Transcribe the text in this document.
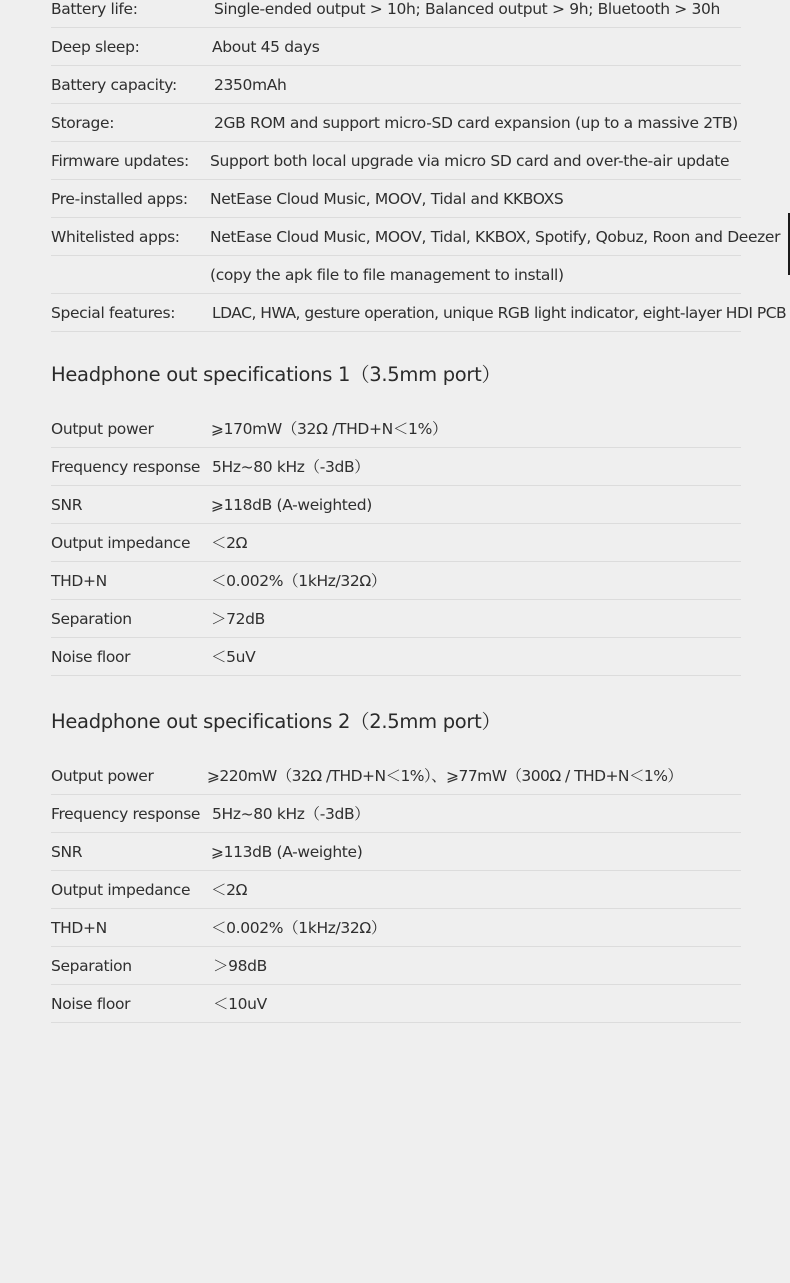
Battery life:	Single-ended output > 10h; Balanced output > 9h; Bluetooth > 30h
Deep sleep:	About 45 days
Battery capacity: 2350mAh
Storage:	2GB ROM and support micro-SD card expansion (up to a massive 2TB)
Firmware updates: Support both local upgrade via micro SD card and over-the-air update
Pre-installed apps: NetEase Cloud Music, MOOV, Tidal and KKBOXS
Whitelisted apps: NetEase Cloud Music, MOOV, Tidal, KKBOX, Spotify, Qobuz, Roon and Deezer
(copy the apk file to file management to install)
Special features: LDAC, HWA, gesture operation, unique RGB light indicator, eight-layer HDI PCB
Headphone out specifications 1（3.5mm port）
Output power	⩾170mW（32Ω /THD+N＜1%）
Frequency response 5Hz~80 kHz（-3dB）
SNR	⩾118dB (A-weighted)
Output impedance ＜2Ω
THD+N	＜0.002%（1kHz/32Ω）
Separation	＞72dB
Noise floor	＜5uV
Headphone out specifications 2（2.5mm port）
Output power	⩾220mW（32Ω /THD+N＜1%）、⩾77mW（300Ω / THD+N＜1%）
Frequency response 5Hz~80 kHz（-3dB）
SNR	⩾113dB (A-weighte)
Output impedance ＜2Ω
THD+N	＜0.002%（1kHz/32Ω）
Separation	＞98dB
Noise floor	＜10uV
